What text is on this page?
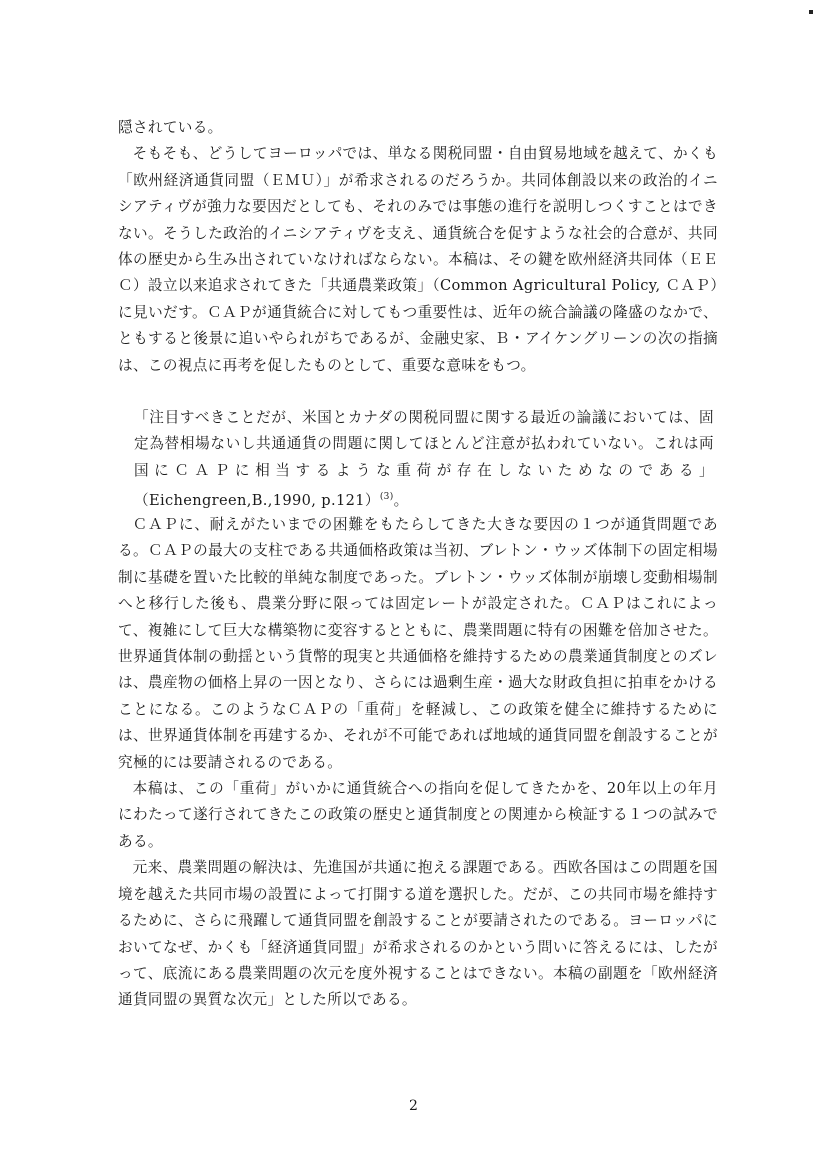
隠されている。

そもそも、どうしてヨーロッパでは、単なる関税同盟・自由貿易地域を越えて、かくも「欧州経済通貨同盟（ＥＭＵ）」が希求されるのだろうか。共同体創設以来の政治的イニシアティヴが強力な要因だとしても、それのみでは事態の進行を説明しつくすことはできない。そうした政治的イニシアティヴを支え、通貨統合を促すような社会的合意が、共同体の歴史から生み出されていなければならない。本稿は、その鍵を欧州経済共同体（ＥＥＣ）設立以来追求されてきた「共通農業政策」（Common Agricultural Policy, ＣＡＰ）に見いだす。ＣＡＰが通貨統合に対してもつ重要性は、近年の統合論議の隆盛のなかで、ともすると後景に追いやられがちであるが、金融史家、Ｂ・アイケングリーンの次の指摘は、この視点に再考を促したものとして、重要な意味をもつ。

「注目すべきことだが、米国とカナダの関税同盟に関する最近の論議においては、固定為替相場ないし共通通貨の問題に関してほとんど注意が払われていない。これは両国にＣＡＰに相当するような重荷が存在しないためなのである」（Eichengreen,B.,1990, p.121）$^{(3)}$。

ＣＡＰに、耐えがたいまでの困難をもたらしてきた大きな要因の１つが通貨問題である。ＣＡＰの最大の支柱である共通価格政策は当初、ブレトン・ウッズ体制下の固定相場制に基礎を置いた比較的単純な制度であった。ブレトン・ウッズ体制が崩壊し変動相場制へと移行した後も、農業分野に限っては固定レートが設定された。ＣＡＰはこれによって、複雑にして巨大な構築物に変容するとともに、農業問題に特有の困難を倍加させた。世界通貨体制の動揺という貨幣的現実と共通価格を維持するための農業通貨制度とのズレは、農産物の価格上昇の一因となり、さらには過剰生産・過大な財政負担に拍車をかけることになる。このようなＣＡＰの「重荷」を軽減し、この政策を健全に維持するためには、世界通貨体制を再建するか、それが不可能であれば地域的通貨同盟を創設することが究極的には要請されるのである。

本稿は、この「重荷」がいかに通貨統合への指向を促してきたかを、20年以上の年月にわたって遂行されてきたこの政策の歴史と通貨制度との関連から検証する１つの試みである。

元来、農業問題の解決は、先進国が共通に抱える課題である。西欧各国はこの問題を国境を越えた共同市場の設置によって打開する道を選択した。だが、この共同市場を維持するために、さらに飛躍して通貨同盟を創設することが要請されたのである。ヨーロッパにおいてなぜ、かくも「経済通貨同盟」が希求されるのかという問いに答えるには、したがって、底流にある農業問題の次元を度外視することはできない。本稿の副題を「欧州経済通貨同盟の異質な次元」とした所以である。

2
